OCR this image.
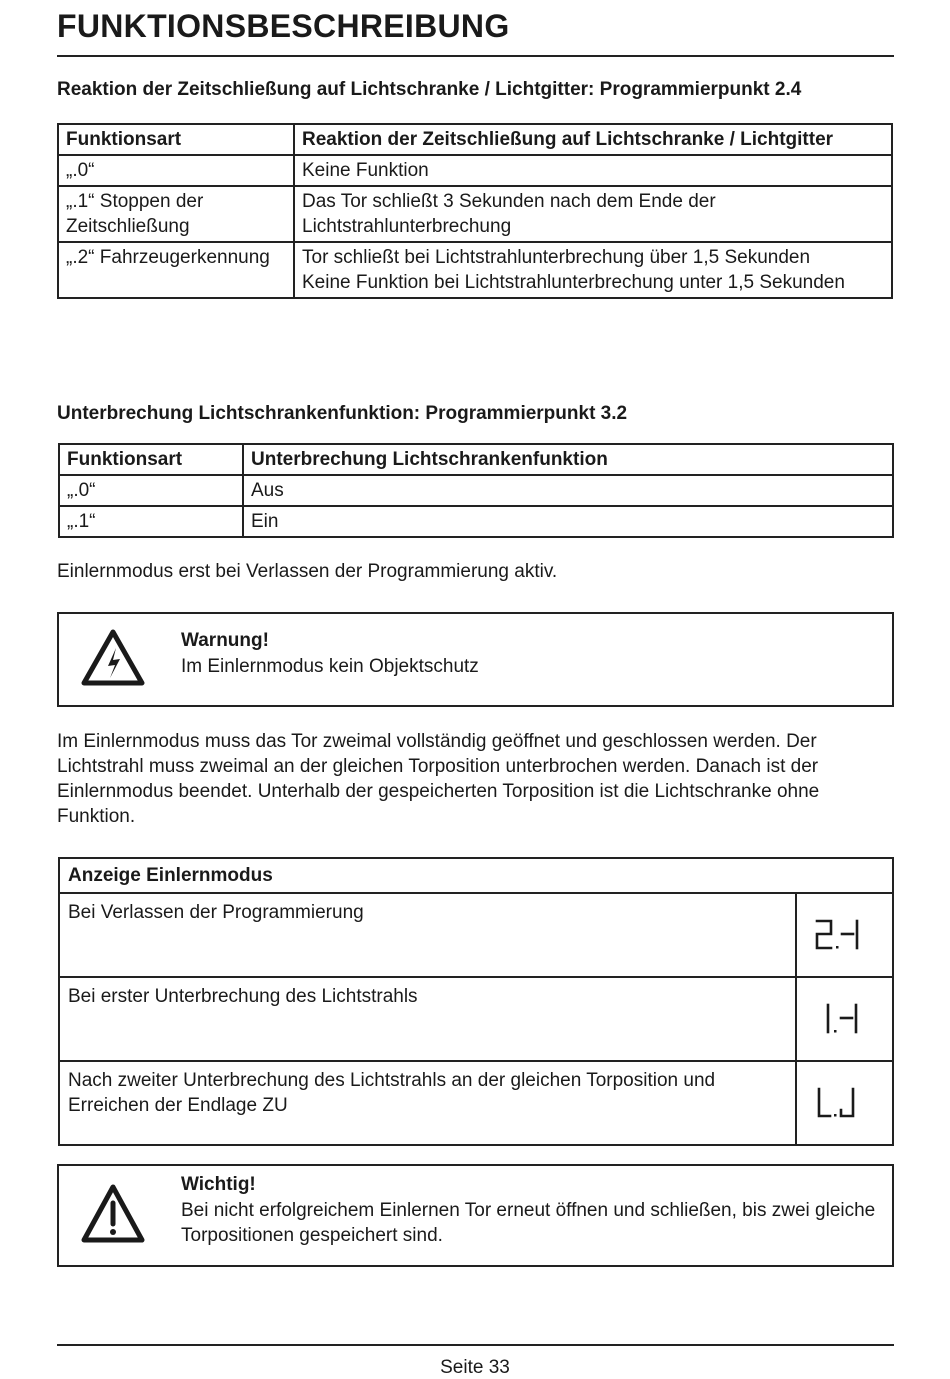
FUNKTIONSBESCHREIBUNG
Reaktion der Zeitschließung auf Lichtschranke / Lichtgitter: Programmierpunkt 2.4
Funktionsart	Reaktion der Zeitschließung auf Lichtschranke / Lichtgitter
„.0“	Keine Funktion
„.1“ Stoppen der Zeitschließung	Das Tor schließt 3 Sekunden nach dem Ende der Lichtstrahlunterbrechung
„.2“ Fahrzeugerkennung	Tor schließt bei Lichtstrahlunterbrechung über 1,5 Sekunden
Keine Funktion bei Lichtstrahlunterbrechung unter 1,5 Sekunden
Unterbrechung Lichtschrankenfunktion: Programmierpunkt 3.2
Funktionsart	Unterbrechung Lichtschrankenfunktion
„.0“	Aus
„.1“	Ein
Einlernmodus erst bei Verlassen der Programmierung aktiv.
Warnung!
Im Einlernmodus kein Objektschutz
Im Einlernmodus muss das Tor zweimal vollständig geöffnet und geschlossen werden. Der Lichtstrahl muss zweimal an der gleichen Torposition unterbrochen werden. Danach ist der Einlernmodus beendet. Unterhalb der gespeicherten Torposition ist die Lichtschranke ohne Funktion.
Anzeige Einlernmodus	
Bei Verlassen der Programmierung	

Bei erster Unterbrechung des Lichtstrahls	

Nach zweiter Unterbrechung des Lichtstrahls an der gleichen Torposition und Erreichen der Endlage ZU	
Wichtig!
Bei nicht erfolgreichem Einlernen Tor erneut öffnen und schließen, bis zwei gleiche Torpositionen gespeichert sind.
Seite 33
